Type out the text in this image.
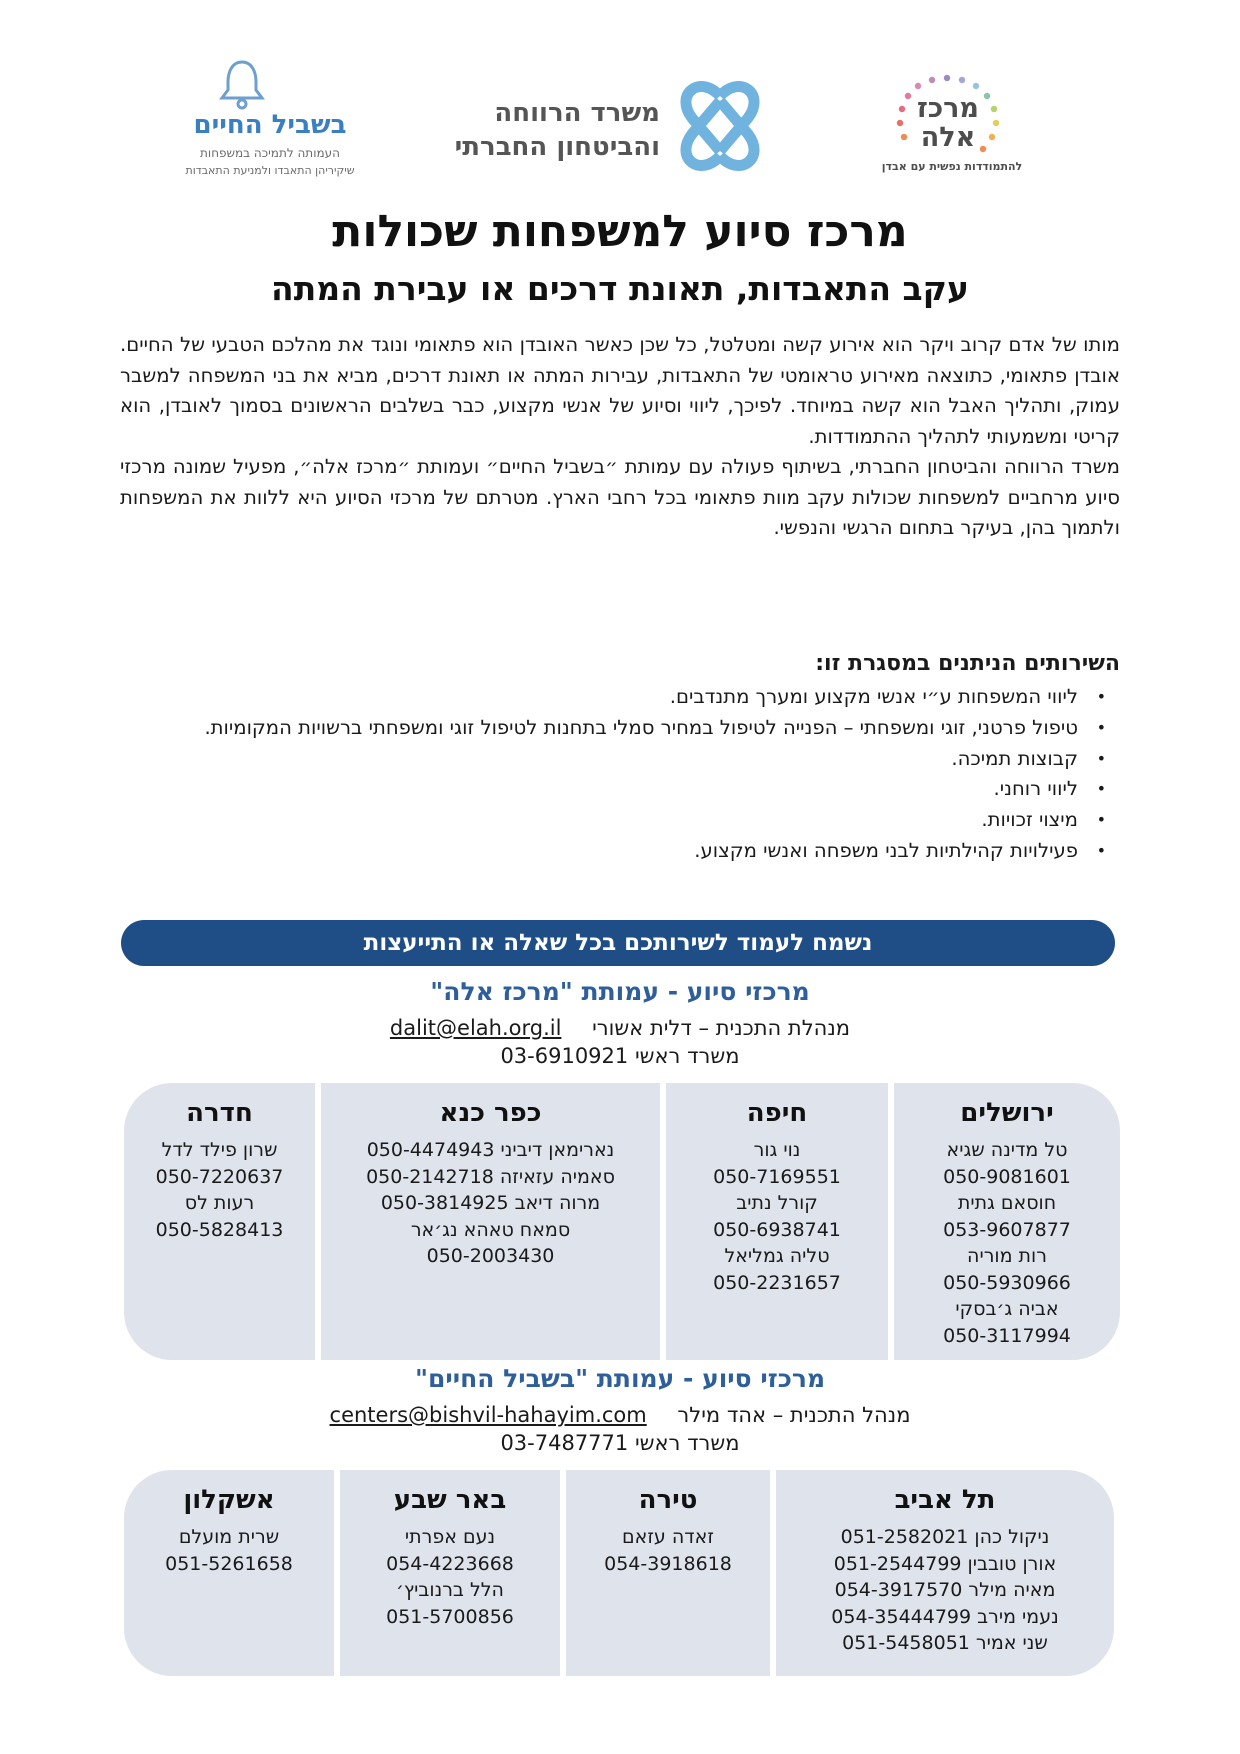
מרכז
אלה
להתמודדות נפשית עם אבדן
משרד הרווחה
והביטחון החברתי
בשביל החיים
העמותה לתמיכה במשפחות
שיקיריהן התאבדו ולמניעת התאבדות
מרכז סיוע למשפחות שכולות
עקב התאבדות, תאונת דרכים או עבירת המתה

מותו של אדם קרוב ויקר הוא אירוע קשה ומטלטל, כל שכן כאשר האובדן הוא פתאומי ונוגד את מהלכם הטבעי של החיים. אובדן פתאומי, כתוצאה מאירוע טראומטי של התאבדות, עבירות המתה או תאונת דרכים, מביא את בני המשפחה למשבר עמוק, ותהליך האבל הוא קשה במיוחד. לפיכך, ליווי וסיוע של אנשי מקצוע, כבר בשלבים הראשונים בסמוך לאובדן, הוא קריטי ומשמעותי לתהליך ההתמודדות.

משרד הרווחה והביטחון החברתי, בשיתוף פעולה עם עמותת ״בשביל החיים״ ועמותת ״מרכז אלה״, מפעיל שמונה מרכזי סיוע מרחביים למשפחות שכולות עקב מוות פתאומי בכל רחבי הארץ. מטרתם של מרכזי הסיוע היא ללוות את המשפחות ולתמוך בהן, בעיקר בתחום הרגשי והנפשי.

השירותים הניתנים במסגרת זו:
• ליווי המשפחות ע״י אנשי מקצוע ומערך מתנדבים.
• טיפול פרטני, זוגי ומשפחתי – הפנייה לטיפול במחיר סמלי בתחנות לטיפול זוגי ומשפחתי ברשויות המקומיות.
• קבוצות תמיכה.
• ליווי רוחני.
• מיצוי זכויות.
• פעילויות קהילתיות לבני משפחה ואנשי מקצוע.
נשמח לעמוד לשירותכם בכל שאלה או התייעצות
מרכזי סיוע - עמותת "מרכז אלה"
מנהלת התכנית – דלית אשורי dalit@elah.org.il
משרד ראשי 03-6910921
ירושלים
טל מדינה שגיא
050-9081601
חוסאם גתית
053-9607877
רות מוריה
050-5930966
אביה ג׳בסקי
050-3117994
חיפה
נוי גור
050-7169551
קורל נתיב
050-6938741
טליה גמליאל
050-2231657
כפר כנא
נארימאן דיביני 050-4474943
סאמיה עזאיזה 050-2142718
מרוה דיאב 050-3814925
סמאח טאהא נג׳אר
050-2003430
חדרה
שרון פילד לדל
050-7220637
רעות לס
050-5828413
מרכזי סיוע - עמותת "בשביל החיים"
מנהל התכנית – אהד מילר centers@bishvil-hahayim.com
משרד ראשי 03-7487771
תל אביב
ניקול כהן 051-2582021
אורן טובבין 051-2544799
מאיה מילר 054-3917570
נעמי מירב 054-35444799
שני אמיר 051-5458051
טירה
זאדה עזאם
054-3918618
באר שבע
נעם אפרתי
054-4223668
הלל ברנוביץ׳
051-5700856
אשקלון
שרית מועלם
051-5261658
